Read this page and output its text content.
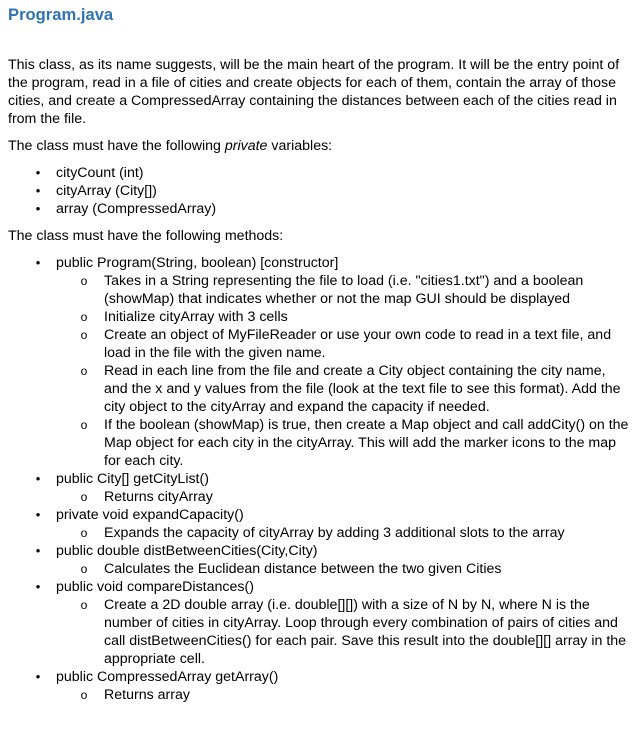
Program.java

This class, as its name suggests, will be the main heart of the program. It will be the entry point of the program, read in a file of cities and create objects for each of them, contain the array of those cities, and create a CompressedArray containing the distances between each of the cities read in from the file.

The class must have the following private variables:

• cityCount (int)
• cityArray (City[])
• array (CompressedArray)

The class must have the following methods:

• public Program(String, boolean) [constructor]
o Takes in a String representing the file to load (i.e. "cities1.txt") and a boolean (showMap) that indicates whether or not the map GUI should be displayed
o Initialize cityArray with 3 cells
o Create an object of MyFileReader or use your own code to read in a text file, and load in the file with the given name.
o Read in each line from the file and create a City object containing the city name, and the x and y values from the file (look at the text file to see this format). Add the city object to the cityArray and expand the capacity if needed.
o If the boolean (showMap) is true, then create a Map object and call addCity() on the Map object for each city in the cityArray. This will add the marker icons to the map for each city.
• public City[] getCityList()
o Returns cityArray
• private void expandCapacity()
o Expands the capacity of cityArray by adding 3 additional slots to the array
• public double distBetweenCities(City,City)
o Calculates the Euclidean distance between the two given Cities
• public void compareDistances()
o Create a 2D double array (i.e. double[][]) with a size of N by N, where N is the number of cities in cityArray. Loop through every combination of pairs of cities and call distBetweenCities() for each pair. Save this result into the double[][] array in the appropriate cell.
• public CompressedArray getArray()
o Returns array
